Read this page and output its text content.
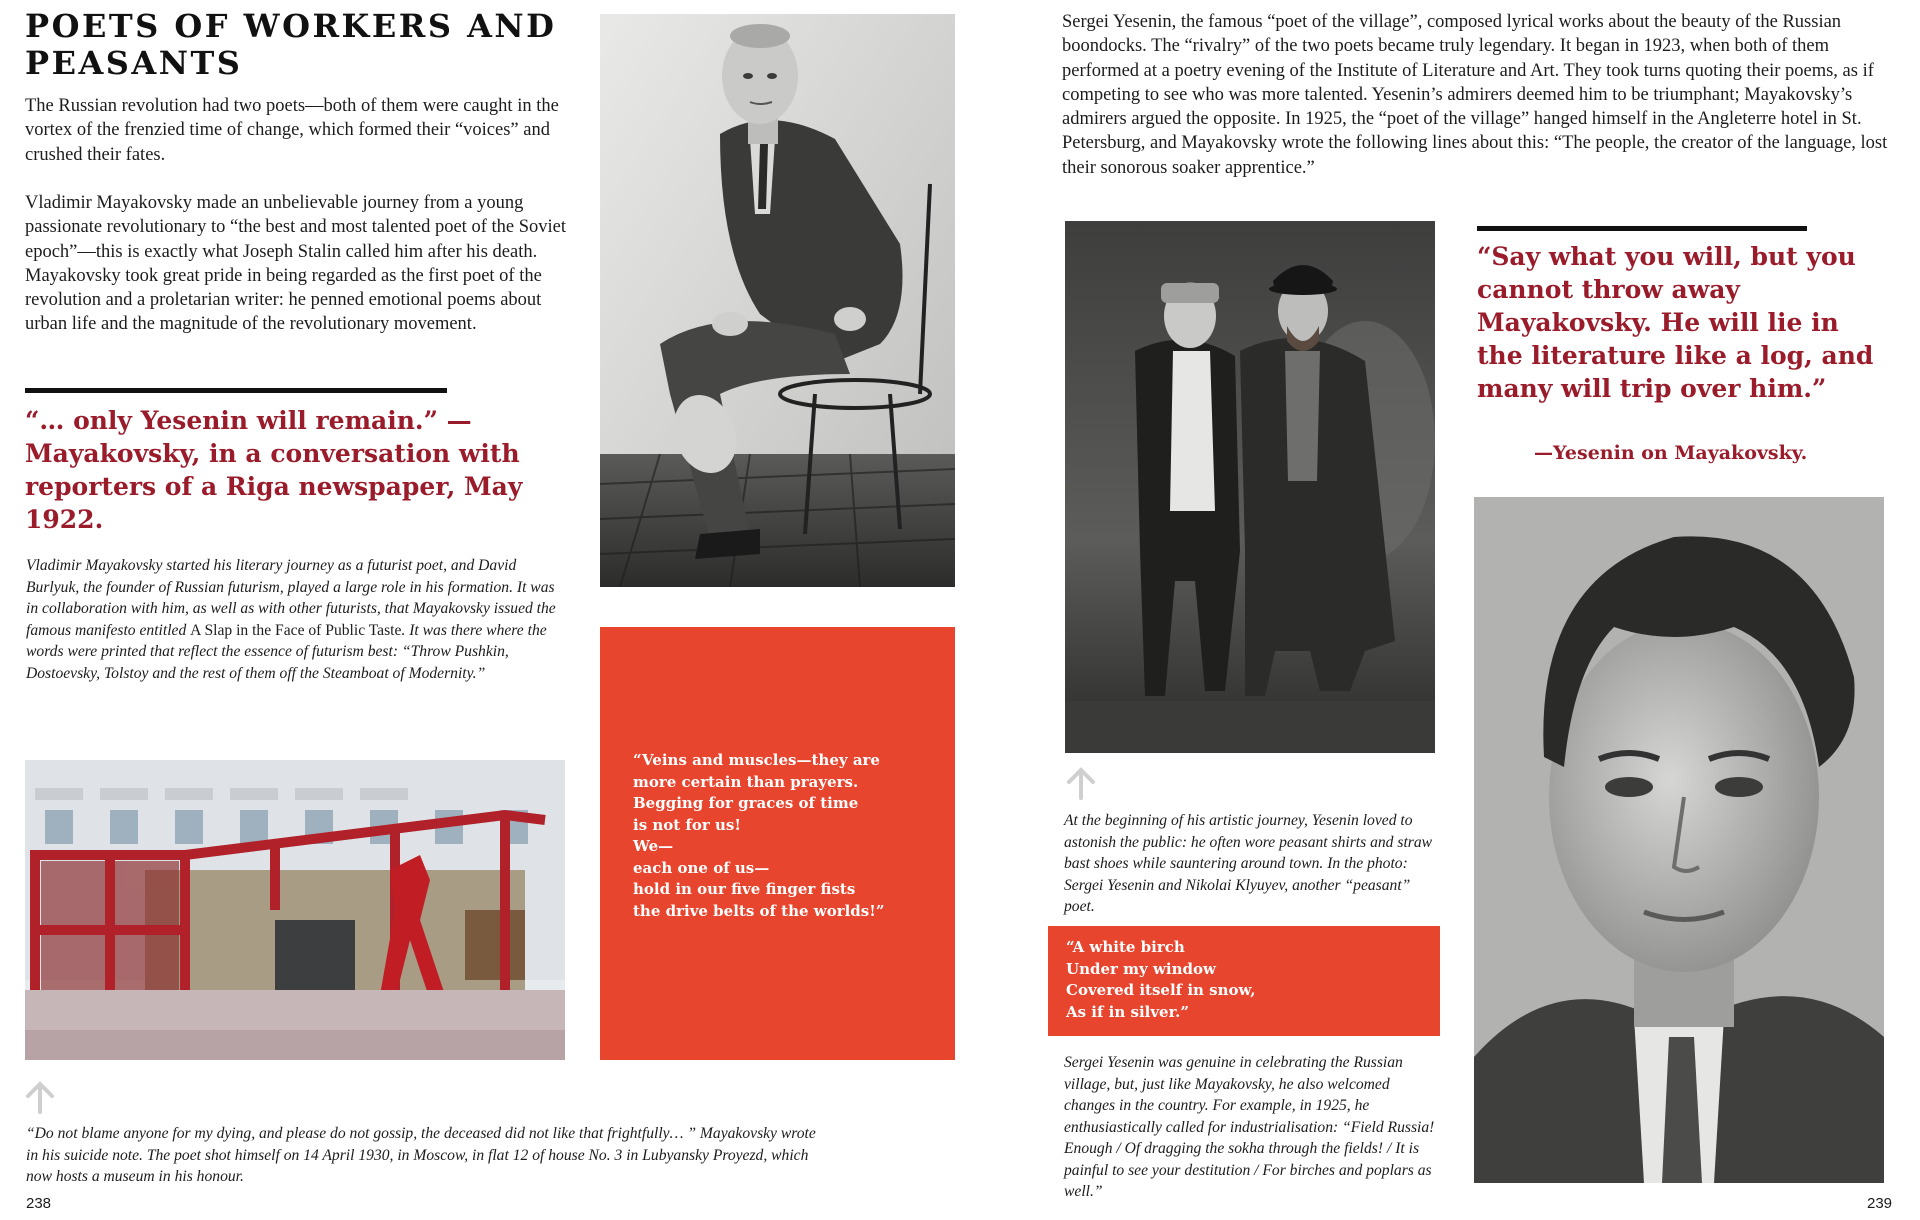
POETS OF WORKERS AND PEASANTS

The Russian revolution had two poets—both of them were caught in the vortex of the frenzied time of change, which formed their “voices” and crushed their fates.

Vladimir Mayakovsky made an unbelievable journey from a young passionate revolutionary to “the best and most talented poet of the Soviet epoch”—this is exactly what Joseph Stalin called him after his death. Mayakovsky took great pride in being regarded as the first poet of the revolution and a proletarian writer: he penned emotional poems about urban life and the magnitude of the revolutionary movement.

“… only Yesenin will remain.” —Mayakovsky, in a conversation with reporters of a Riga newspaper, May 1922.

Vladimir Mayakovsky started his literary journey as a futurist poet, and David Burlyuk, the founder of Russian futurism, played a large role in his formation. It was in collaboration with him, as well as with other futurists, that Mayakovsky issued the famous manifesto entitled A Slap in the Face of Public Taste. It was there where the words were printed that reflect the essence of futurism best: “Throw Pushkin, Dostoevsky, Tolstoy and the rest of them off the Steamboat of Modernity.”

“Veins and muscles—they are
more certain than prayers.
Begging for graces of time
is not for us!
We—
each one of us—
hold in our five finger fists
the drive belts of the worlds!”

“Do not blame anyone for my dying, and please do not gossip, the deceased did not like that frightfully… ” Mayakovsky wrote in his suicide note. The poet shot himself on 14 April 1930, in Moscow, in flat 12 of house No. 3 in Lubyansky Proyezd, which now hosts a museum in his honour.

238

Sergei Yesenin, the famous “poet of the village”, composed lyrical works about the beauty of the Russian boondocks. The “rivalry” of the two poets became truly legendary. It began in 1923, when both of them performed at a poetry evening of the Institute of Literature and Art. They took turns quoting their poems, as if competing to see who was more talented. Yesenin’s admirers deemed him to be triumphant; Mayakovsky’s admirers argued the opposite. In 1925, the “poet of the village” hanged himself in the Angleterre hotel in St. Petersburg, and Mayakovsky wrote the following lines about this: “The people, the creator of the language, lost their sonorous soaker apprentice.”

At the beginning of his artistic journey, Yesenin loved to astonish the public: he often wore peasant shirts and straw bast shoes while sauntering around town. In the photo: Sergei Yesenin and Nikolai Klyuyev, another “peasant” poet.

“A white birch
Under my window
Covered itself in snow,
As if in silver.”

Sergei Yesenin was genuine in celebrating the Russian village, but, just like Mayakovsky, he also welcomed changes in the country. For example, in 1925, he enthusiastically called for industrialisation: “Field Russia! Enough / Of dragging the sokha through the fields! / It is painful to see your destitution / For birches and poplars as well.”

“Say what you will, but you cannot throw away Mayakovsky. He will lie in the literature like a log, and many will trip over him.”

—Yesenin on Mayakovsky.

239
